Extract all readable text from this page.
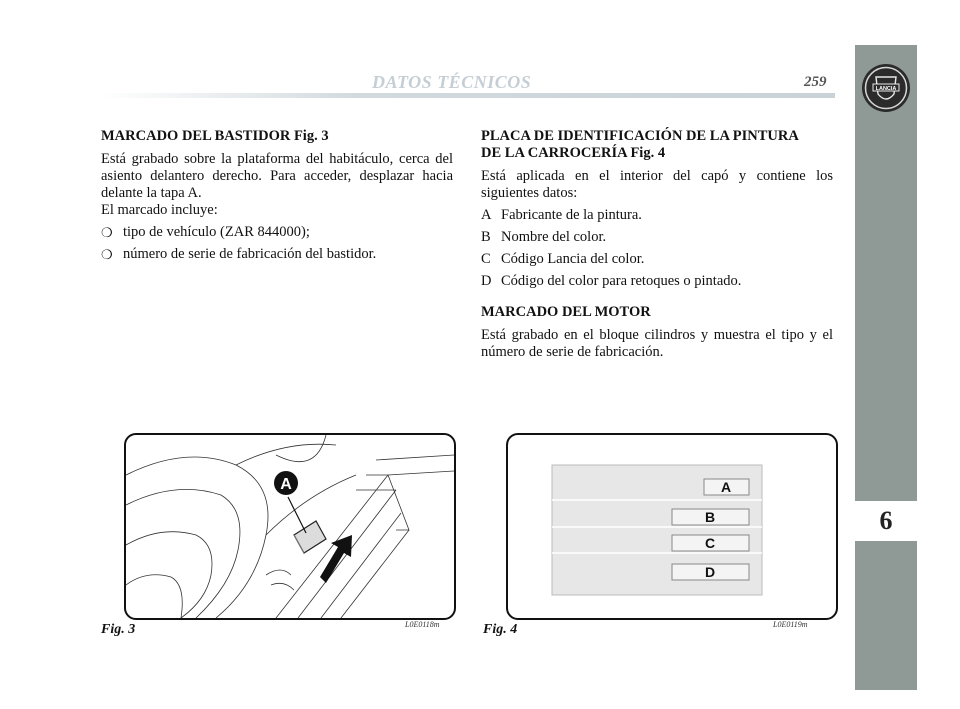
DATOS TÉCNICOS	259	LANCIA
6

MARCADO DEL BASTIDOR Fig. 3

Está grabado sobre la plataforma del habitáculo, cerca del asiento delantero derecho. Para acceder, desplazar hacia delante la tapa A.

El marcado incluye:

❍ tipo de vehículo (ZAR 844000);
❍ número de serie de fabricación del bastidor.

PLACA DE IDENTIFICACIÓN DE LA PINTURA
DE LA CARROCERÍA Fig. 4

Está aplicada en el interior del capó y contiene los siguientes datos:

A Fabricante de la pintura.
B Nombre del color.
C Código Lancia del color.
D Código del color para retoques o pintado.

MARCADO DEL MOTOR

Está grabado en el bloque cilindros y muestra el tipo y el número de serie de fabricación.

A
Fig. 3	L0E0118m
A
B
C
D
Fig. 4	L0E0119m
